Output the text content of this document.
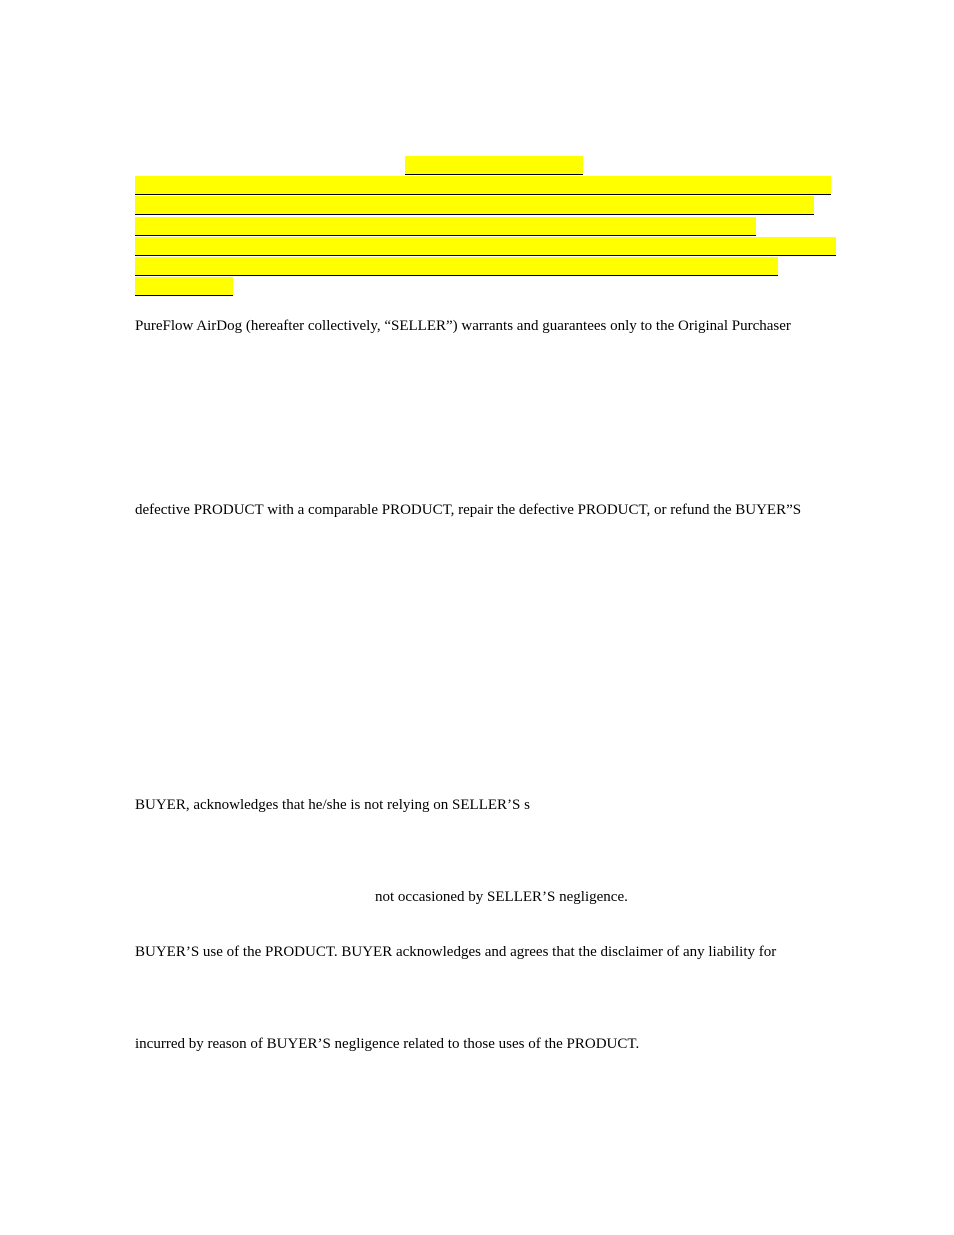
PureFlow AirDog (hereafter collectively, “SELLER”) warrants and guarantees only to the Original Purchaser
defective PRODUCT with a comparable PRODUCT, repair the defective PRODUCT, or refund the BUYER”S
BUYER, acknowledges that he/she is not relying on SELLER’S s
not occasioned by SELLER’S negligence.
BUYER’S use of the PRODUCT. BUYER acknowledges and agrees that the disclaimer of any liability for
incurred by reason of BUYER’S negligence related to those uses of the PRODUCT.
